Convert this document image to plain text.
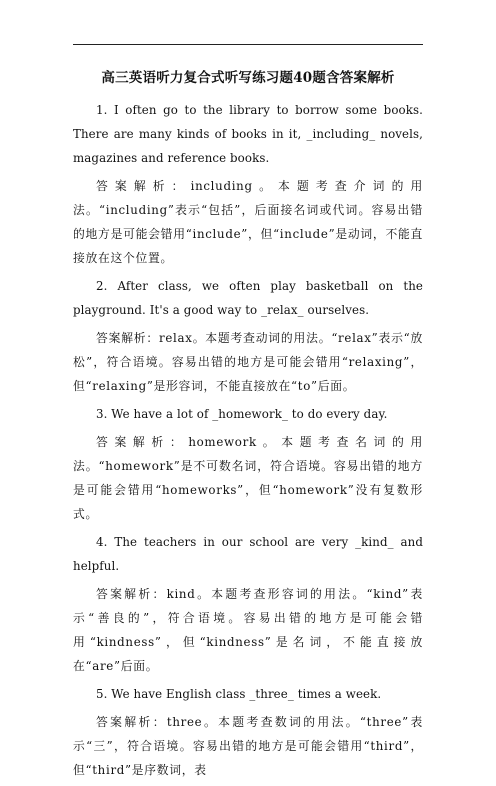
高三英语听力复合式听写练习题40题含答案解析

1. I often go to the library to borrow some books. There are many kinds of books in it, _including_ novels, magazines and reference books.

答案解析：including。本题考查介词的用法。“including”表示“包括”，后面接名词或代词。容易出错的地方是可能会错用“include”，但“include”是动词，不能直接放在这个位置。

2. After class, we often play basketball on the playground. It's a good way to _relax_ ourselves.

答案解析：relax。本题考查动词的用法。“relax”表示“放松”，符合语境。容易出错的地方是可能会错用“relaxing”，但“relaxing”是形容词，不能直接放在“to”后面。

3. We have a lot of _homework_ to do every day.

答案解析：homework。本题考查名词的用法。“homework”是不可数名词，符合语境。容易出错的地方是可能会错用“homeworks”，但“homework”没有复数形式。

4. The teachers in our school are very _kind_ and helpful.

答案解析：kind。本题考查形容词的用法。“kind”表示“善良的”，符合语境。容易出错的地方是可能会错用“kindness”，但“kindness”是名词，不能直接放在“are”后面。

5. We have English class _three_ times a week.

答案解析：three。本题考查数词的用法。“three”表示“三”，符合语境。容易出错的地方是可能会错用“third”，但“third”是序数词，表
